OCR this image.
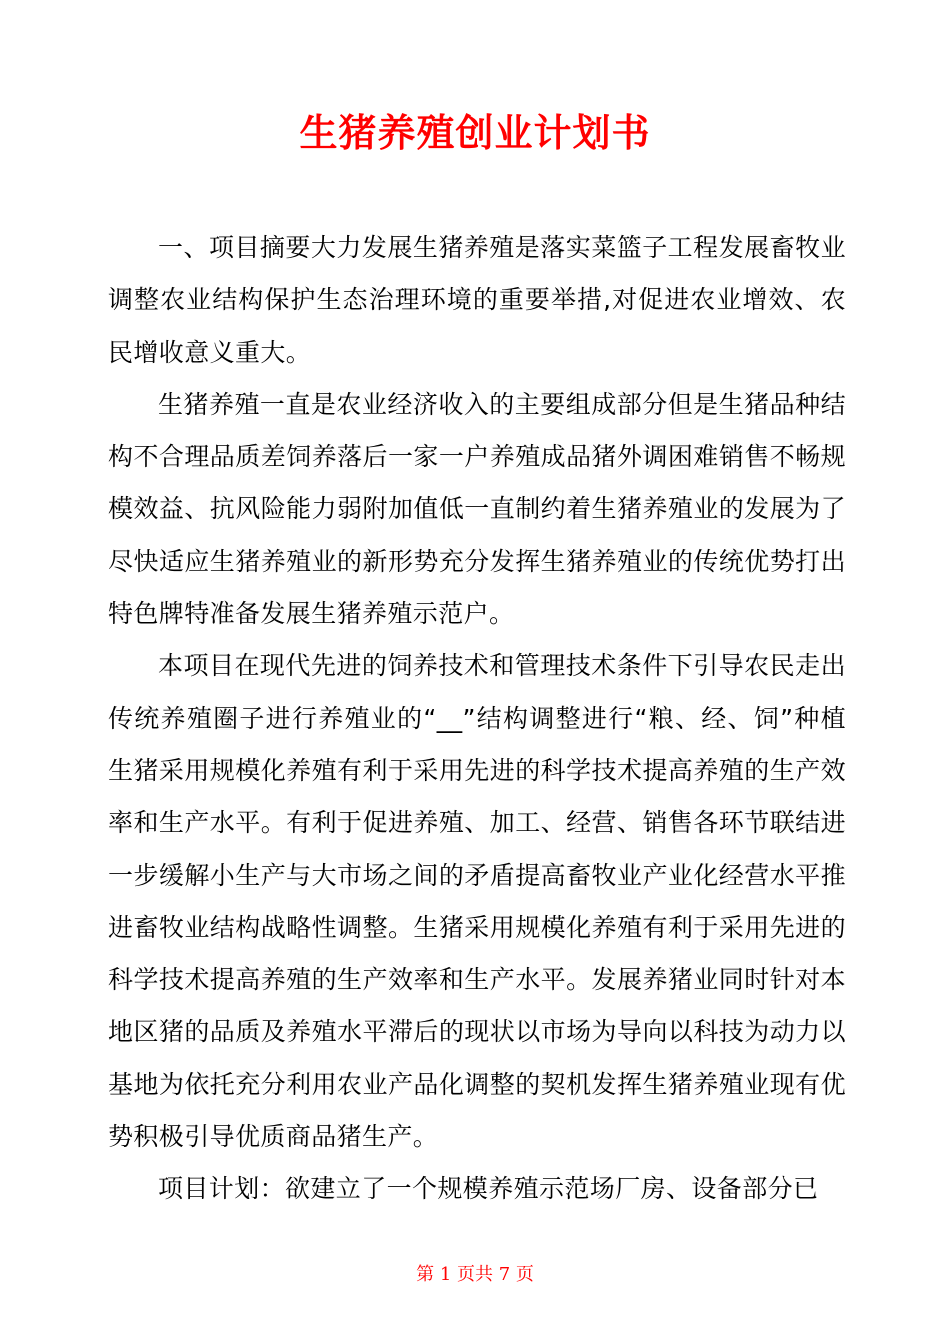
生猪养殖创业计划书

一、项目摘要大力发展生猪养殖是落实菜篮子工程发展畜牧业调整农业结构保护生态治理环境的重要举措,对促进农业增效、农民增收意义重大。

生猪养殖一直是农业经济收入的主要组成部分但是生猪品种结构不合理品质差饲养落后一家一户养殖成品猪外调困难销售不畅规模效益、抗风险能力弱附加值低一直制约着生猪养殖业的发展为了尽快适应生猪养殖业的新形势充分发挥生猪养殖业的传统优势打出特色牌特准备发展生猪养殖示范户。

本项目在现代先进的饲养技术和管理技术条件下引导农民走出传统养殖圈子进行养殖业的“__”结构调整进行“粮、经、饲”种植生猪采用规模化养殖有利于采用先进的科学技术提高养殖的生产效率和生产水平。有利于促进养殖、加工、经营、销售各环节联结进一步缓解小生产与大市场之间的矛盾提高畜牧业产业化经营水平推进畜牧业结构战略性调整。生猪采用规模化养殖有利于采用先进的科学技术提高养殖的生产效率和生产水平。发展养猪业同时针对本地区猪的品质及养殖水平滞后的现状以市场为导向以科技为动力以基地为依托充分利用农业产品化调整的契机发挥生猪养殖业现有优势积极引导优质商品猪生产。

项目计划：欲建立了一个规模养殖示范场厂房、设备部分已

第 1 页共 7 页
